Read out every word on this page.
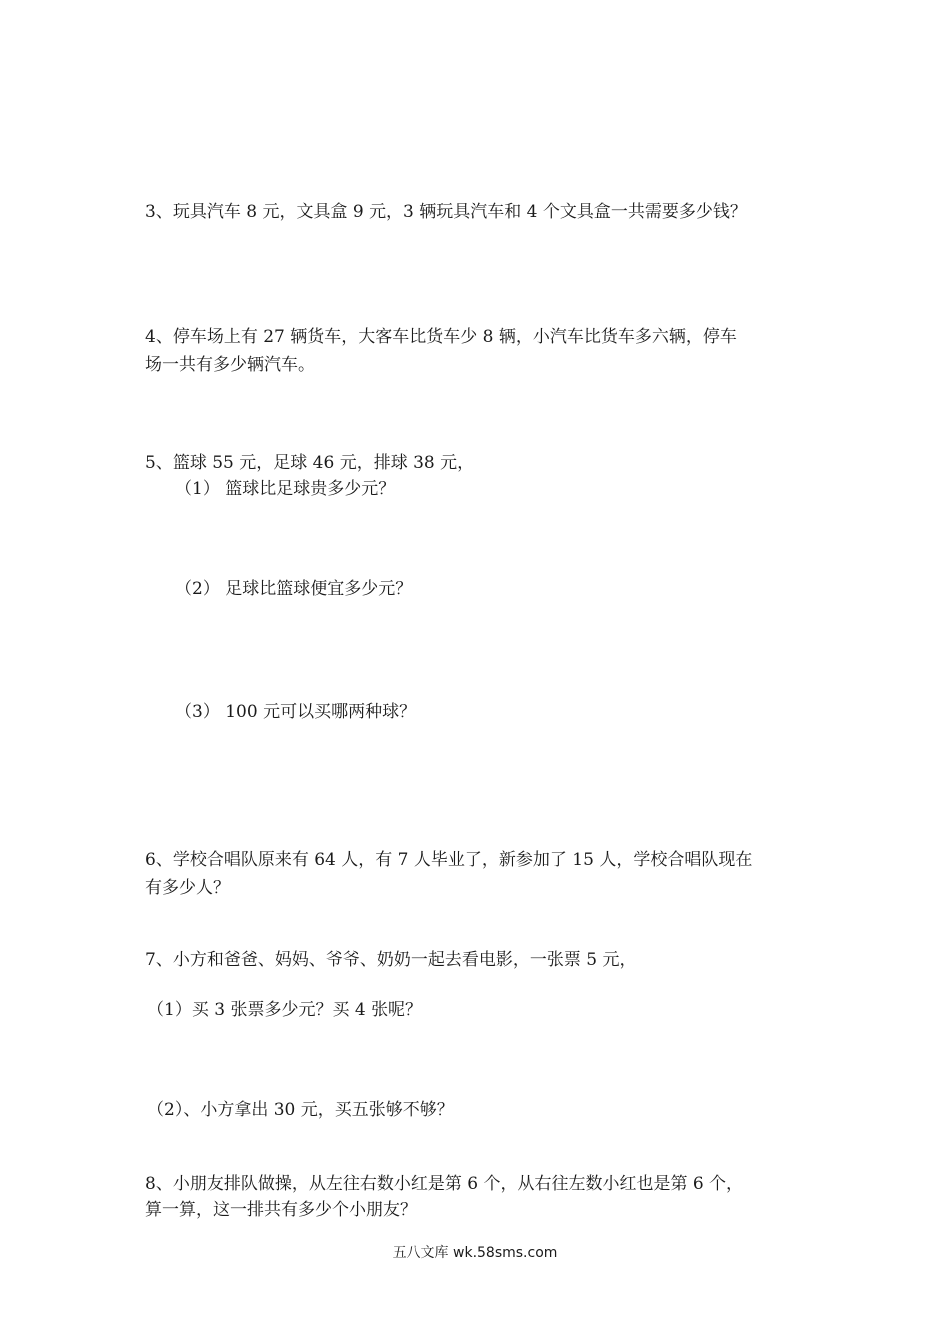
3、玩具汽车 8 元，文具盒 9 元，3 辆玩具汽车和 4 个文具盒一共需要多少钱？
4、停车场上有 27 辆货车，大客车比货车少 8 辆，小汽车比货车多六辆，停车
场一共有多少辆汽车。
5、篮球 55 元，足球 46 元，排球 38 元，
（1） 篮球比足球贵多少元？
（2） 足球比篮球便宜多少元？
（3） 100 元可以买哪两种球？
6、学校合唱队原来有 64 人，有 7 人毕业了，新参加了 15 人，学校合唱队现在
有多少人？
7、小方和爸爸、妈妈、爷爷、奶奶一起去看电影，一张票 5 元，
（1）买 3 张票多少元？买 4 张呢？
（2）、小方拿出 30 元，买五张够不够？
8、小朋友排队做操，从左往右数小红是第 6 个，从右往左数小红也是第 6 个，
算一算，这一排共有多少个小朋友？
五八文库 wk.58sms.com
